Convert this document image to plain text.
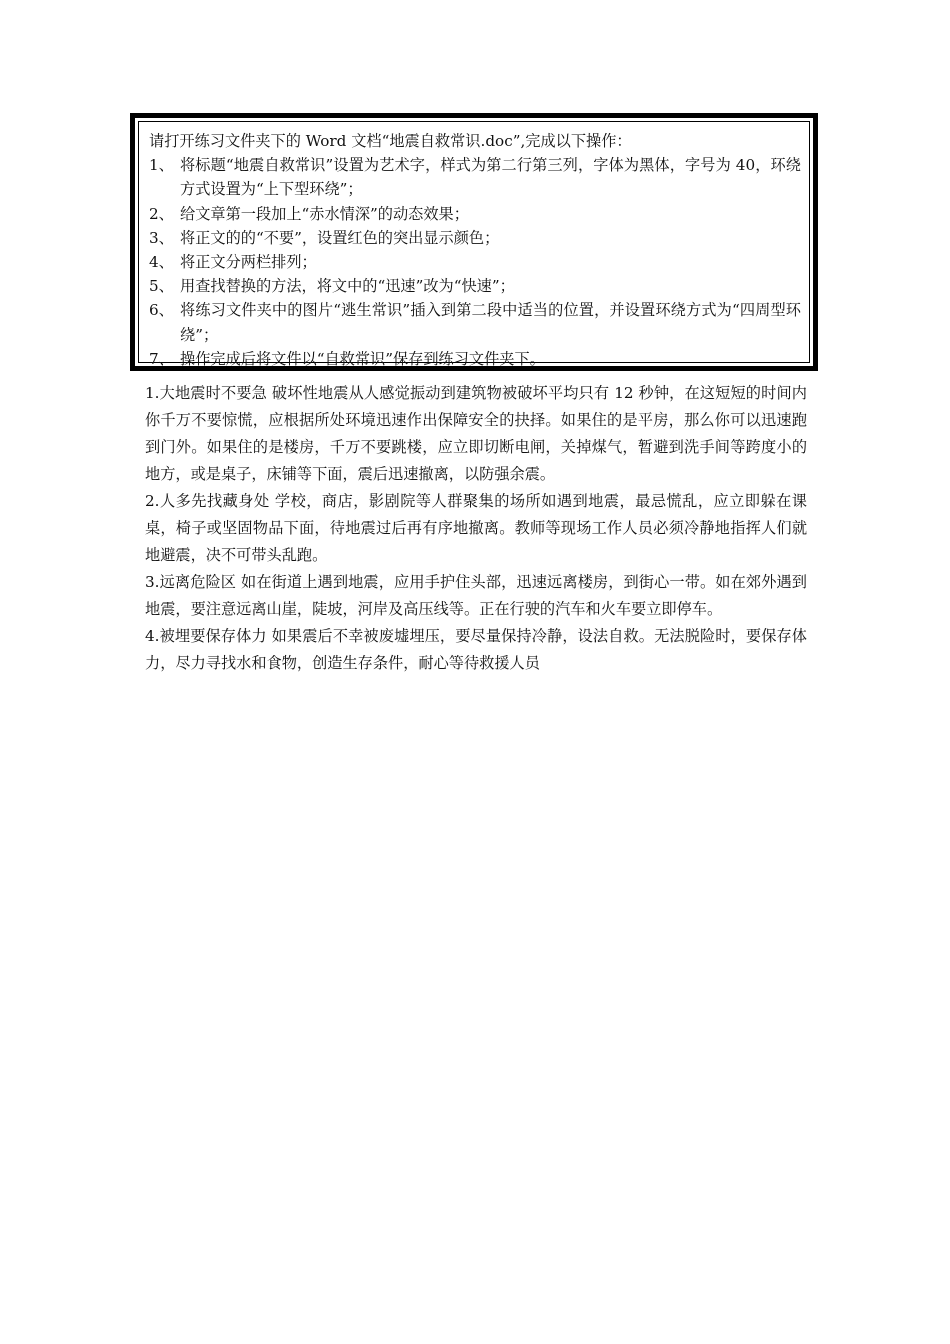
请打开练习文件夹下的 Word 文档“地震自救常识.doc”,完成以下操作：

1、 将标题“地震自救常识”设置为艺术字，样式为第二行第三列，字体为黑体，字号为 40，环绕方式设置为“上下型环绕”；
2、 给文章第一段加上“赤水情深”的动态效果；
3、 将正文的的“不要”，设置红色的突出显示颜色；
4、 将正文分两栏排列；
5、 用查找替换的方法，将文中的“迅速”改为“快速”；
6、 将练习文件夹中的图片“逃生常识”插入到第二段中适当的位置，并设置环绕方式为“四周型环绕”；
7、 操作完成后将文件以“自救常识”保存到练习文件夹下。

1.大地震时不要急 破坏性地震从人感觉振动到建筑物被破坏平均只有 12 秒钟，在这短短的时间内你千万不要惊慌，应根据所处环境迅速作出保障安全的抉择。如果住的是平房，那么你可以迅速跑到门外。如果住的是楼房，千万不要跳楼，应立即切断电闸，关掉煤气，暂避到洗手间等跨度小的地方，或是桌子，床铺等下面，震后迅速撤离，以防强余震。

2.人多先找藏身处 学校，商店，影剧院等人群聚集的场所如遇到地震，最忌慌乱，应立即躲在课桌，椅子或坚固物品下面，待地震过后再有序地撤离。教师等现场工作人员必须冷静地指挥人们就地避震，决不可带头乱跑。

3.远离危险区 如在街道上遇到地震，应用手护住头部，迅速远离楼房，到街心一带。如在郊外遇到地震，要注意远离山崖，陡坡，河岸及高压线等。正在行驶的汽车和火车要立即停车。

4.被埋要保存体力 如果震后不幸被废墟埋压，要尽量保持冷静，设法自救。无法脱险时，要保存体力，尽力寻找水和食物，创造生存条件，耐心等待救援人员
